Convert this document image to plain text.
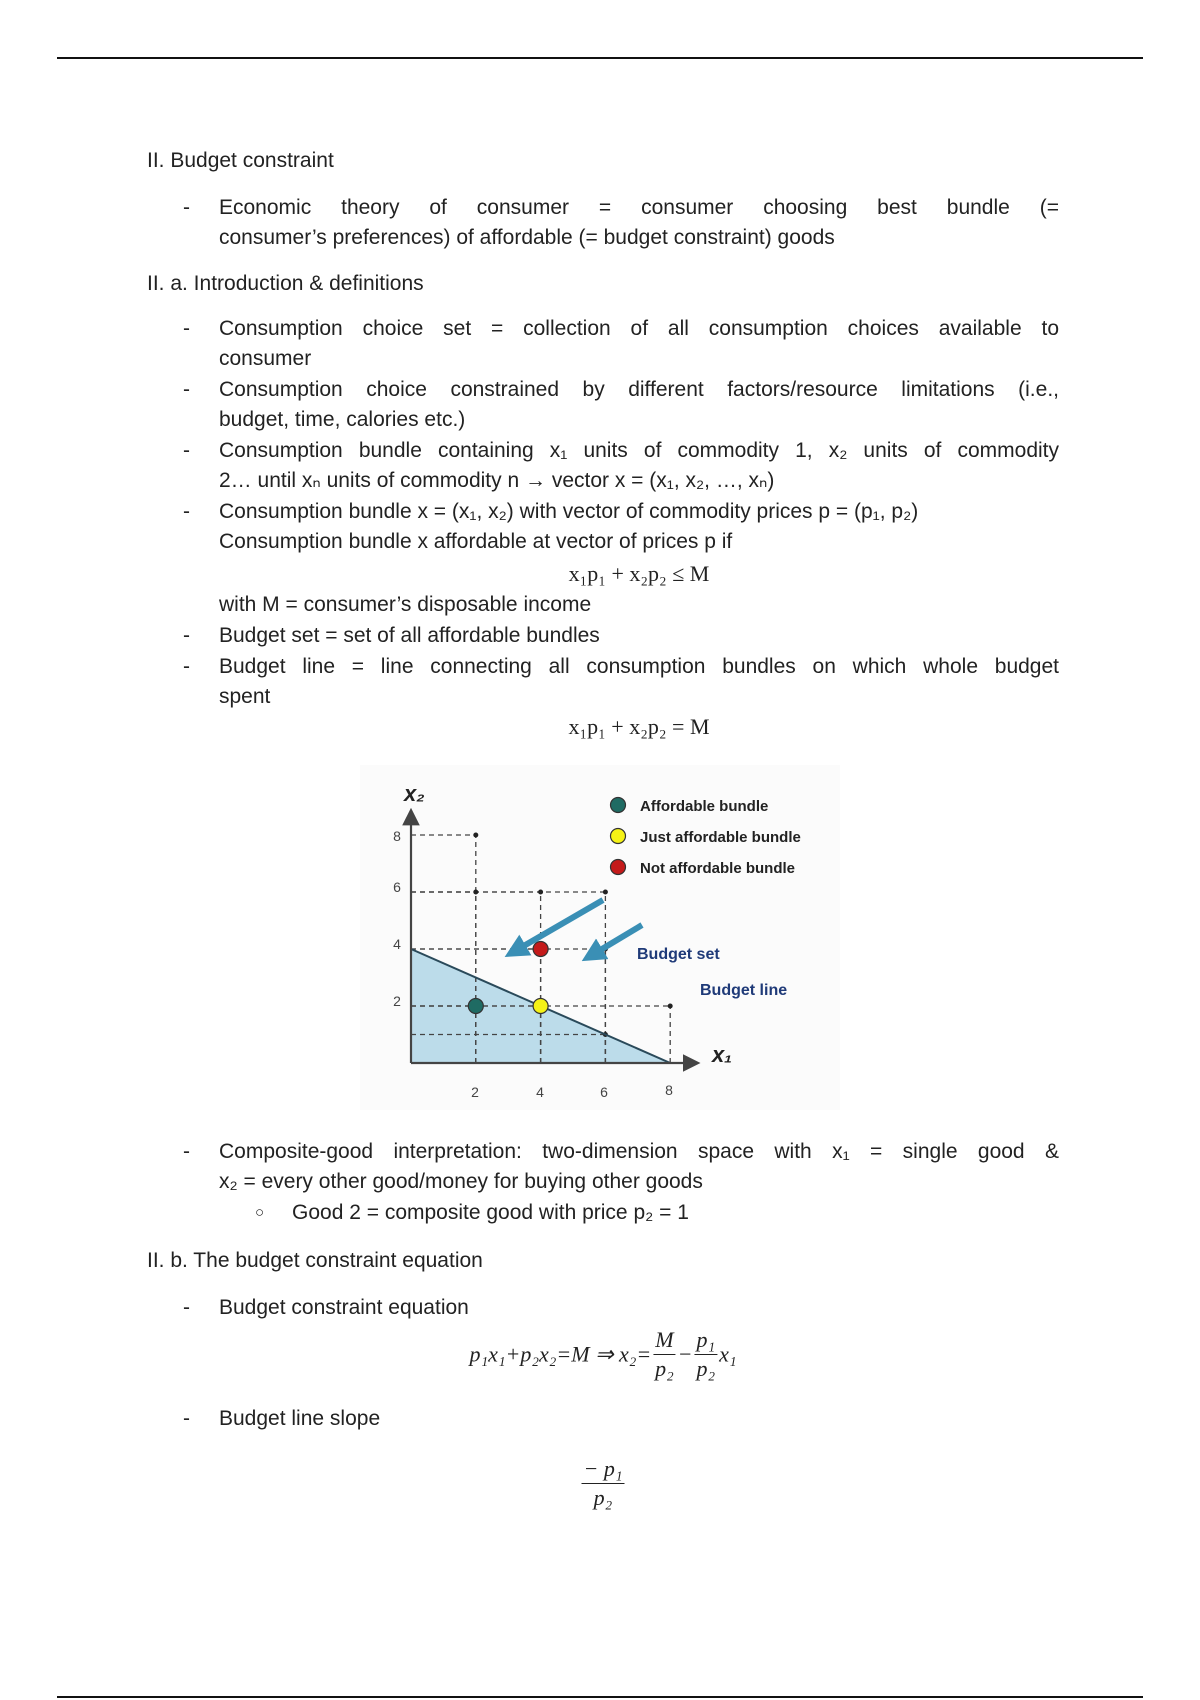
II. Budget constraint
- Economic theory of consumer = consumer choosing best bundle (=
consumer’s preferences) of affordable (= budget constraint) goods
II. a. Introduction & definitions
- Consumption choice set = collection of all consumption choices available to
consumer
- Consumption choice constrained by different factors/resource limitations (i.e.,
budget, time, calories etc.)
- Consumption bundle containing x₁ units of commodity 1, x₂ units of commodity
2… until xₙ units of commodity n → vector x = (x₁, x₂, …, xₙ)
- Consumption bundle x = (x₁, x₂) with vector of commodity prices p = (p₁, p₂)
Consumption bundle x affordable at vector of prices p if
x₁p₁ + x₂p₂ ≤ M
with M = consumer’s disposable income
- Budget set = set of all affordable bundles
- Budget line = line connecting all consumption bundles on which whole budget
spent
x₁p₁ + x₂p₂ = M
x₂
x₁
Affordable bundle
Just affordable bundle
Not affordable bundle
Budget set
Budget line
2	4	6	8
2
4
6
8
- Composite-good interpretation: two-dimension space with x₁ = single good &
x₂ = every other good/money for buying other goods
○ Good 2 = composite good with price p₂ = 1
II. b. The budget constraint equation
- Budget constraint equation
p₁x₁+p₂x₂=M ⇒ $x_2= \frac{M}{\text{p₂}} - \frac{\text{p₁}}{\text{p₂}} x_1$
- Budget line slope
$\frac{\text{− p₁}}{\text{p₂}}$
